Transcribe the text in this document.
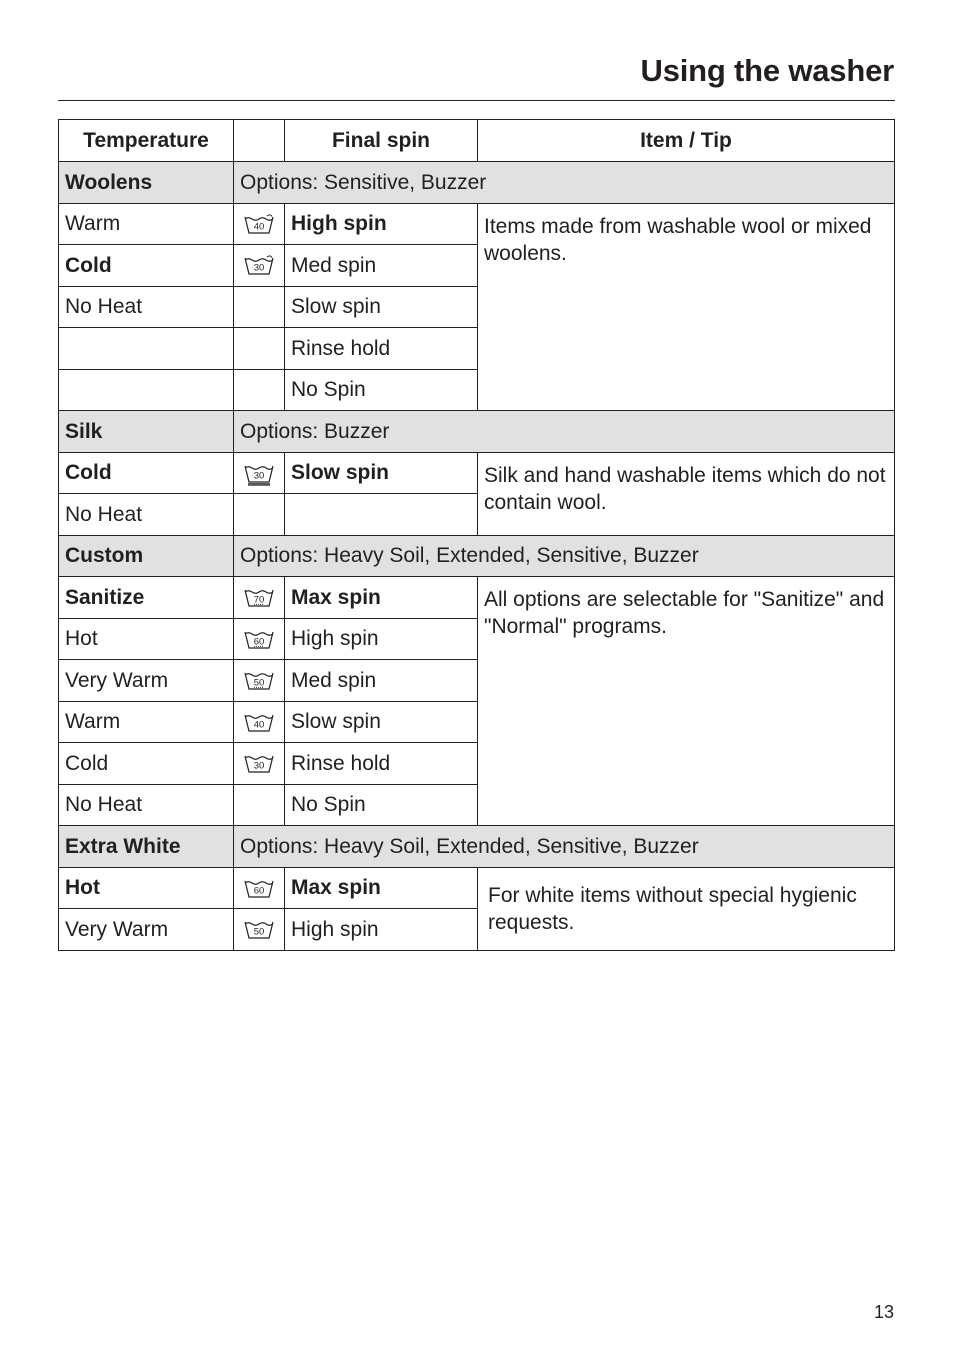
Using the washer
Temperature		Final spin	Item / Tip
Woolens	Options: Sensitive, Buzzer		
Warm	40	High spin	Items made from washable wool or mixed woolens.
Cold	30	Med spin	
No Heat		Slow spin	
		Rinse hold	
		No Spin	
Silk	Options: Buzzer		
Cold	30	Slow spin	Silk and hand washable items which do not contain wool.
No Heat			
Custom	Options: Heavy Soil, Extended, Sensitive, Buzzer		
Sanitize	70	Max spin	All options are selectable for "Sanitize" and "Normal" programs.
Hot	60	High spin	
Very Warm	50	Med spin	
Warm	40	Slow spin	
Cold	30	Rinse hold	
No Heat		No Spin	
Extra White	Options: Heavy Soil, Extended, Sensitive, Buzzer		
Hot	60	Max spin	For white items without special hygienic requests.
Very Warm	50	High spin	

13
